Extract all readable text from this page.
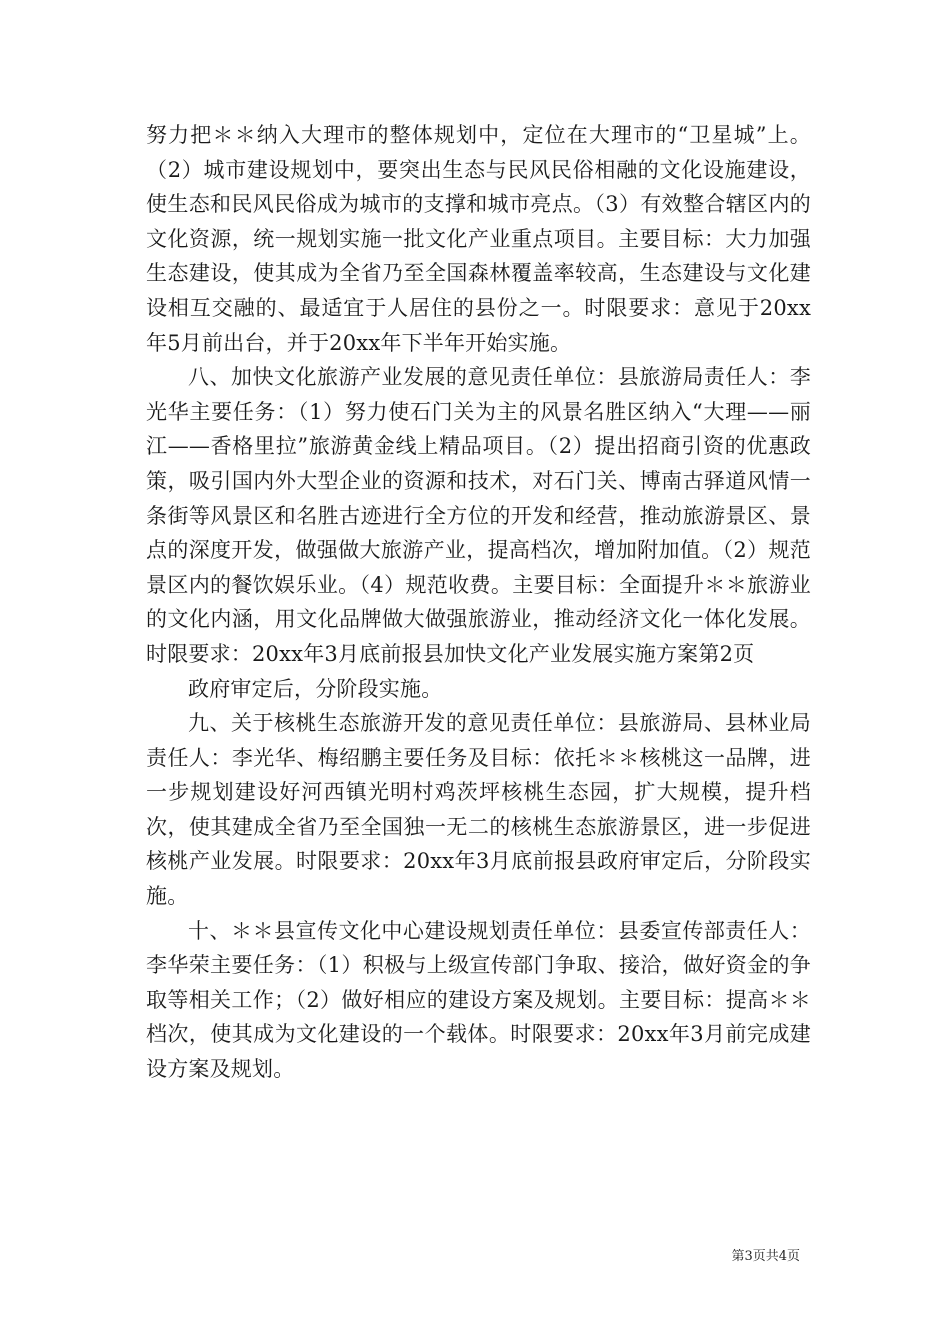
努力把＊＊纳入大理市的整体规划中，定位在大理市的“卫星城”上。（2）城市建设规划中，要突出生态与民风民俗相融的文化设施建设，使生态和民风民俗成为城市的支撑和城市亮点。（3）有效整合辖区内的文化资源，统一规划实施一批文化产业重点项目。主要目标：大力加强生态建设，使其成为全省乃至全国森林覆盖率较高，生态建设与文化建设相互交融的、最适宜于人居住的县份之一。时限要求：意见于20xx年5月前出台，并于20xx年下半年开始实施。

八、加快文化旅游产业发展的意见责任单位：县旅游局责任人：李光华主要任务：（1）努力使石门关为主的风景名胜区纳入“大理——丽江——香格里拉”旅游黄金线上精品项目。（2）提出招商引资的优惠政策，吸引国内外大型企业的资源和技术，对石门关、博南古驿道风情一条街等风景区和名胜古迹进行全方位的开发和经营，推动旅游景区、景点的深度开发，做强做大旅游产业，提高档次，增加附加值。（2）规范景区内的餐饮娱乐业。（4）规范收费。主要目标：全面提升＊＊旅游业的文化内涵，用文化品牌做大做强旅游业，推动经济文化一体化发展。时限要求：20xx年3月底前报县加快文化产业发展实施方案第2页

政府审定后，分阶段实施。

九、关于核桃生态旅游开发的意见责任单位：县旅游局、县林业局责任人：李光华、梅绍鹏主要任务及目标：依托＊＊核桃这一品牌，进一步规划建设好河西镇光明村鸡茨坪核桃生态园，扩大规模，提升档次，使其建成全省乃至全国独一无二的核桃生态旅游景区，进一步促进核桃产业发展。时限要求：20xx年3月底前报县政府审定后，分阶段实施。

十、＊＊县宣传文化中心建设规划责任单位：县委宣传部责任人：李华荣主要任务：（1）积极与上级宣传部门争取、接洽，做好资金的争取等相关工作；（2）做好相应的建设方案及规划。主要目标：提高＊＊档次，使其成为文化建设的一个载体。时限要求：20xx年3月前完成建设方案及规划。

第3页共4页
